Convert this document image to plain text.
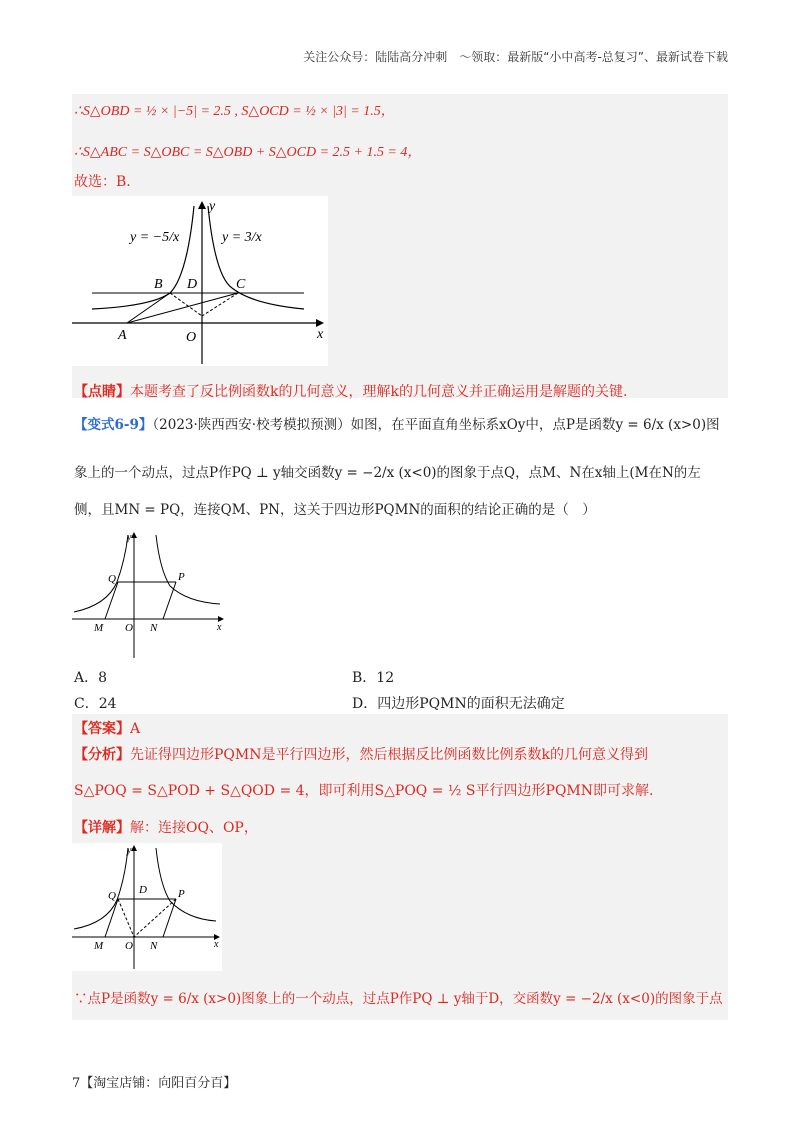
关注公众号：陆陆高分冲刺　〜领取：最新版“小中高考-总复习”、最新试卷下载
∴S△OBD = ½ × |−5| = 2.5 , S△OCD = ½ × |3| = 1.5，
∴S△ABC = S△OBC = S△OBD + S△OCD = 2.5 + 1.5 = 4，
故选：B.
y = −5/x	y = 3/x
B D	C
A	O	x
y
【点睛】本题考查了反比例函数k的几何意义，理解k的几何意义并正确运用是解题的关键.
【变式6-9】（2023·陕西西安·校考模拟预测）如图，在平面直角坐标系xOy中，点P是函数y = 6/x (x>0)图
象上的一个动点，过点P作PQ ⊥ y轴交函数y = −2/x (x<0)的图象于点Q，点M、N在x轴上(M在N的左
侧，且MN = PQ，连接QM、PN，这关于四边形PQMN的面积的结论正确的是（　）
Q	P
M O N	x
y
A．8	B．12
C．24	D．四边形PQMN的面积无法确定
【答案】A
【分析】先证得四边形PQMN是平行四边形，然后根据反比例函数比例系数k的几何意义得到
S△POQ = S△POD + S△QOD = 4，即可利用S△POQ = ½ S平行四边形PQMN即可求解.
【详解】解：连接OQ、OP，
Q D	P
M O N	x
y
∵点P是函数y = 6/x (x>0)图象上的一个动点，过点P作PQ ⊥ y轴于D，交函数y = −2/x (x<0)的图象于点
7【淘宝店铺：向阳百分百】
